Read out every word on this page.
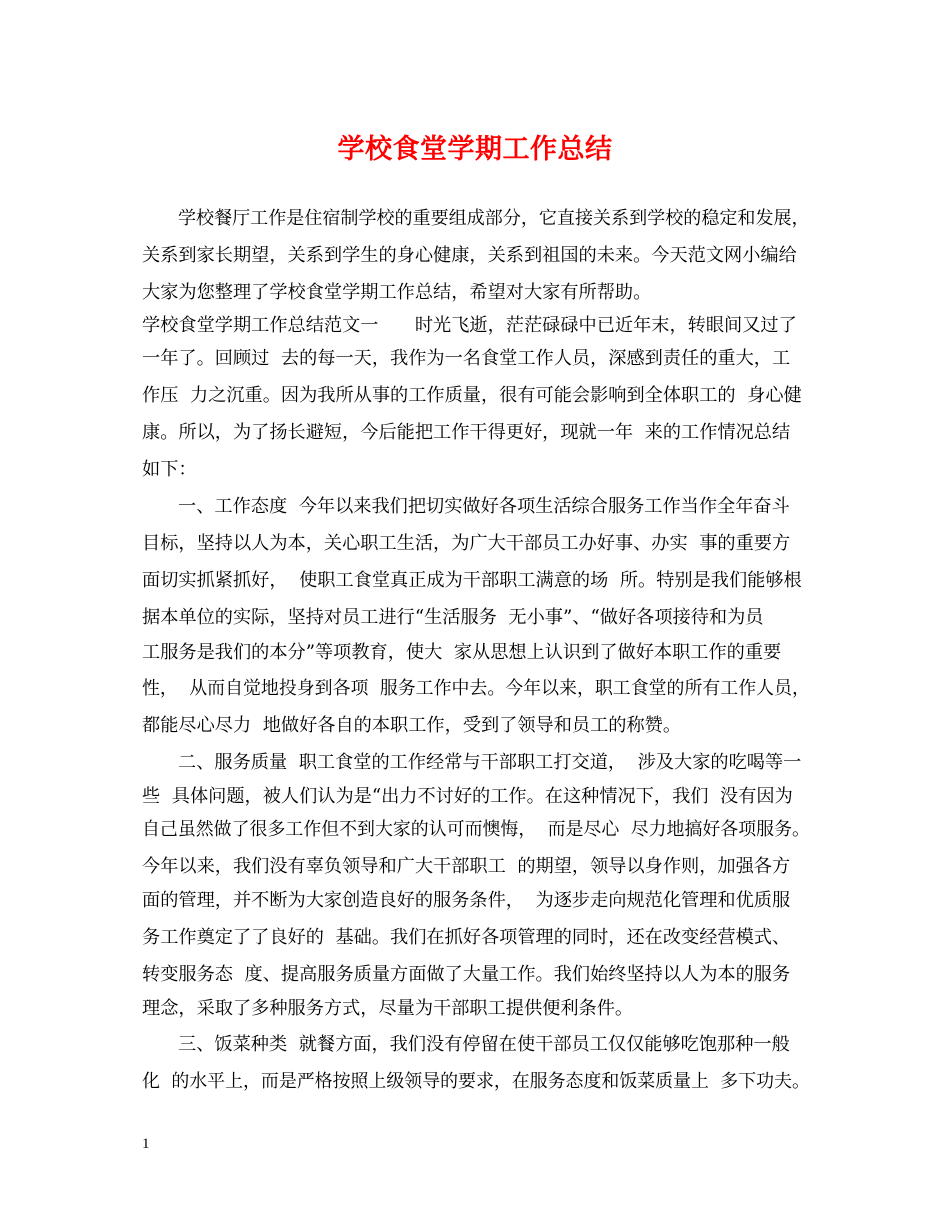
学校食堂学期工作总结
学校餐厅工作是住宿制学校的重要组成部分，它直接关系到学校的稳定和发展，
关系到家长期望，关系到学生的身心健康，关系到祖国的未来。今天范文网小编给
大家为您整理了学校食堂学期工作总结，希望对大家有所帮助。
学校食堂学期工作总结范文一　　时光飞逝，茫茫碌碌中已近年末，转眼间又过了
一年了。回顾过  去的每一天，我作为一名食堂工作人员，深感到责任的重大，工
作压  力之沉重。因为我所从事的工作质量，很有可能会影响到全体职工的  身心健
康。所以，为了扬长避短，今后能把工作干得更好，现就一年  来的工作情况总结
如下：
一、工作态度  今年以来我们把切实做好各项生活综合服务工作当作全年奋斗
目标，坚持以人为本，关心职工生活，为广大干部员工办好事、办实  事的重要方
面切实抓紧抓好，  使职工食堂真正成为干部职工满意的场  所。特别是我们能够根
据本单位的实际，坚持对员工进行“生活服务  无小事”、“做好各项接待和为员
工服务是我们的本分”等项教育，使大  家从思想上认识到了做好本职工作的重要
性，  从而自觉地投身到各项  服务工作中去。今年以来，职工食堂的所有工作人员，
都能尽心尽力  地做好各自的本职工作，受到了领导和员工的称赞。
二、服务质量  职工食堂的工作经常与干部职工打交道，  涉及大家的吃喝等一
些  具体问题，被人们认为是“出力不讨好的工作。在这种情况下，我们  没有因为
自己虽然做了很多工作但不到大家的认可而懊悔，  而是尽心  尽力地搞好各项服务。
今年以来，我们没有辜负领导和广大干部职工  的期望，领导以身作则，加强各方
面的管理，并不断为大家创造良好的服务条件，  为逐步走向规范化管理和优质服
务工作奠定了了良好的  基础。我们在抓好各项管理的同时，还在改变经营模式、
转变服务态  度、提高服务质量方面做了大量工作。我们始终坚持以人为本的服务
理念，采取了多种服务方式，尽量为干部职工提供便利条件。
三、饭菜种类  就餐方面，我们没有停留在使干部员工仅仅能够吃饱那种一般
化  的水平上，而是严格按照上级领导的要求，在服务态度和饭菜质量上  多下功夫。
1
